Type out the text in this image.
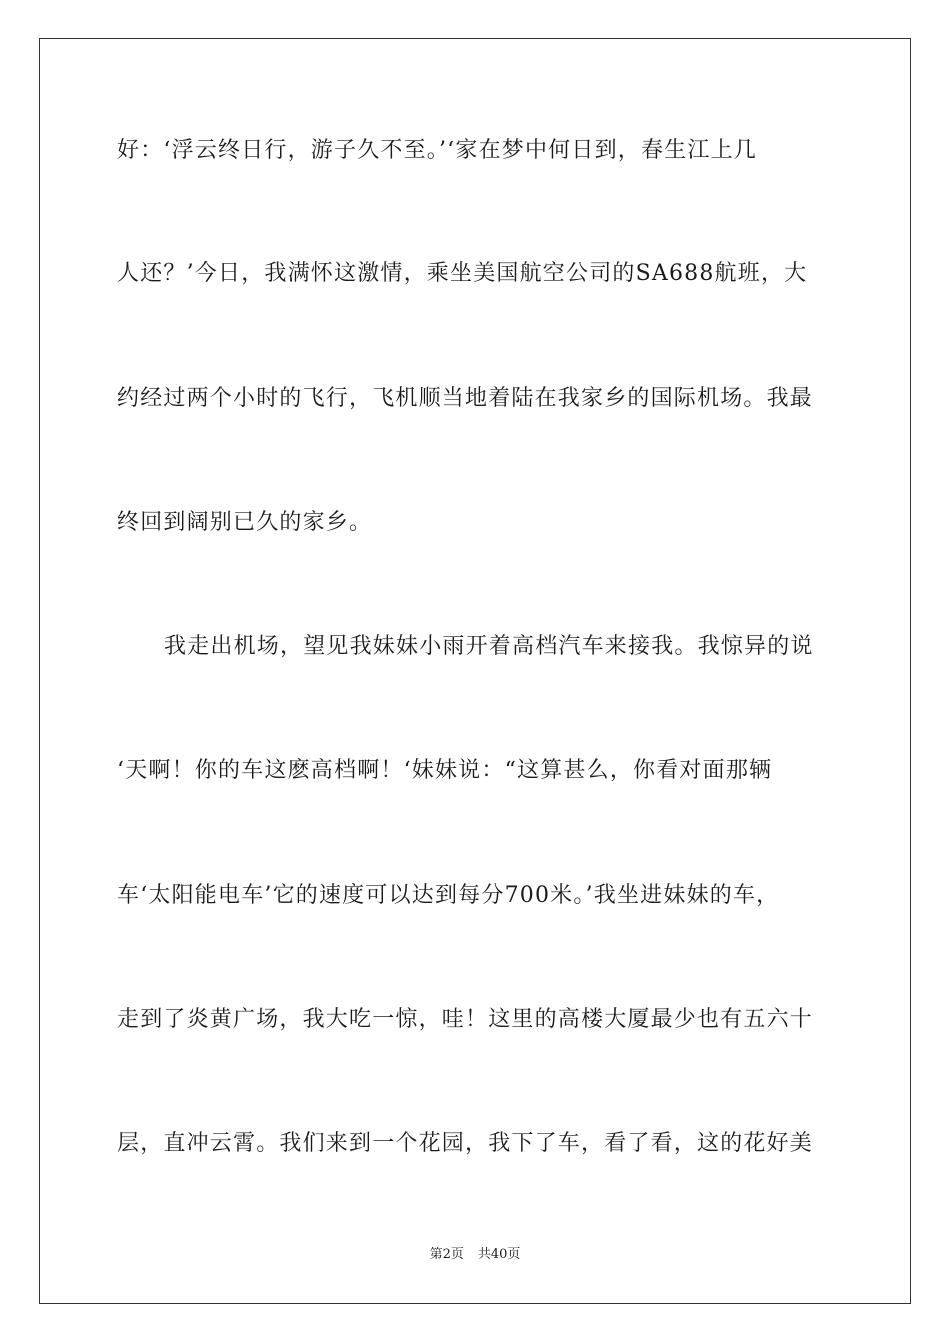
好：‘浮云终日行，游子久不至。’‘家在梦中何日到，春生江上几
人还？’今日，我满怀这激情，乘坐美国航空公司的SA688航班，大
约经过两个小时的飞行，飞机顺当地着陆在我家乡的国际机场。我最
终回到阔别已久的家乡。
我走出机场，望见我妹妹小雨开着高档汽车来接我。我惊异的说
‘天啊！你的车这麽高档啊！‘妹妹说：“这算甚么，你看对面那辆
车‘太阳能电车’它的速度可以达到每分700米。’我坐进妹妹的车，
走到了炎黄广场，我大吃一惊，哇！这里的高楼大厦最少也有五六十
层，直冲云霄。我们来到一个花园，我下了车，看了看，这的花好美
第2页 共40页
